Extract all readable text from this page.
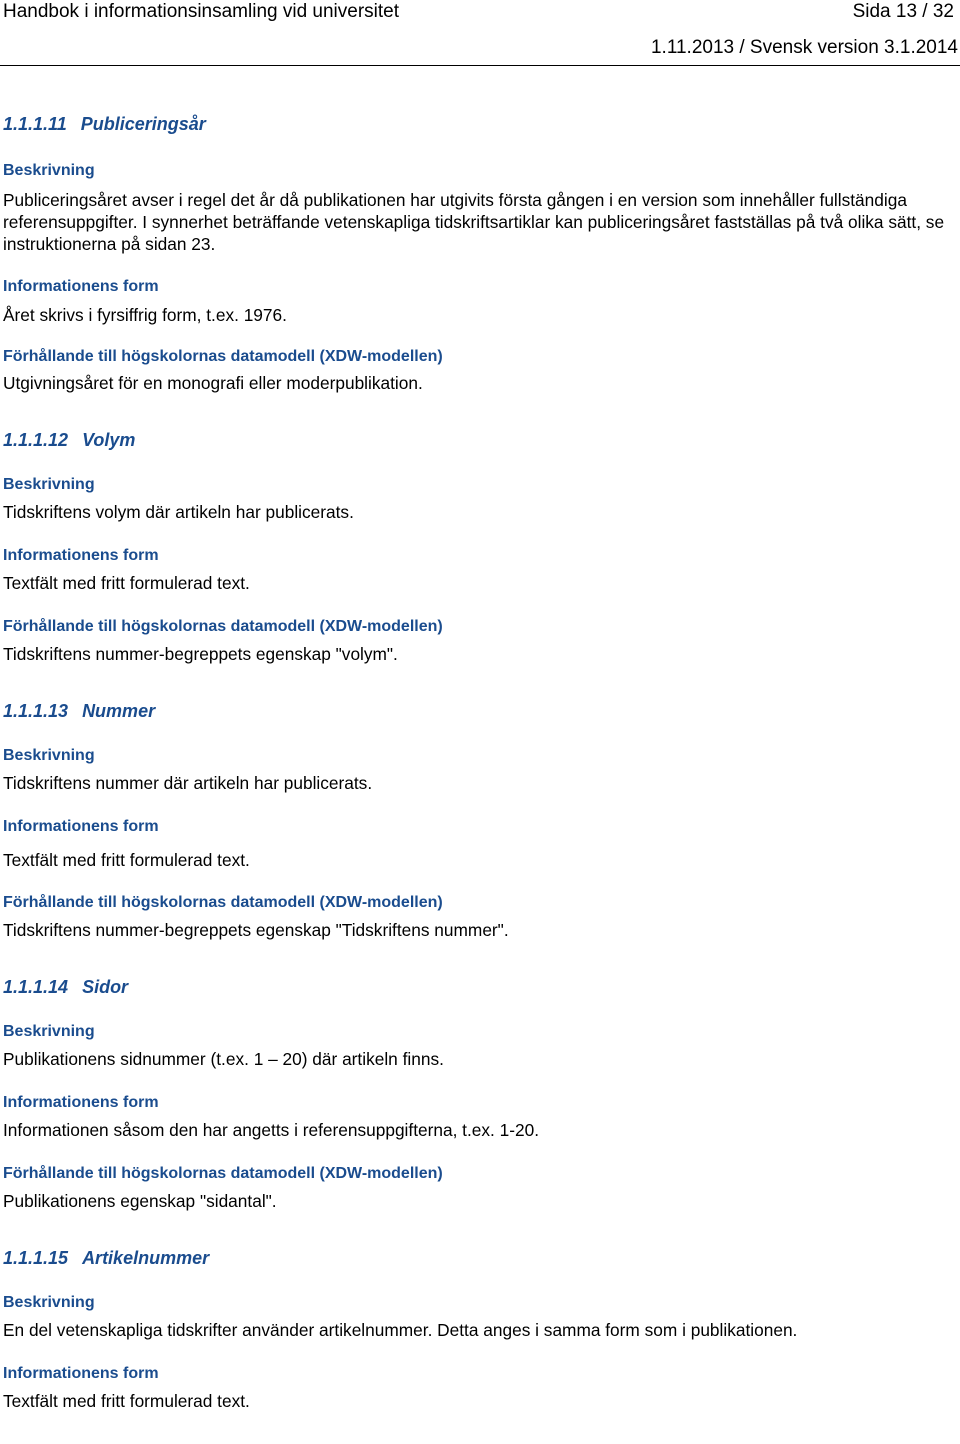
Handbok i informationsinsamling vid universitet	Sida 13 / 32
1.11.2013 / Svensk version 3.1.2014
1.1.1.11 Publiceringsår
Beskrivning

Publiceringsåret avser i regel det år då publikationen har utgivits första gången i en version som innehåller fullständiga referensuppgifter. I synnerhet beträffande vetenskapliga tidskriftsartiklar kan publiceringsåret fastställas på två olika sätt, se instruktionerna på sidan 23.

Informationens form

Året skrivs i fyrsiffrig form, t.ex. 1976.

Förhållande till högskolornas datamodell (XDW-modellen)

Utgivningsåret för en monografi eller moderpublikation.

1.1.1.12 Volym
Beskrivning

Tidskriftens volym där artikeln har publicerats.

Informationens form

Textfält med fritt formulerad text.

Förhållande till högskolornas datamodell (XDW-modellen)

Tidskriftens nummer-begreppets egenskap "volym".

1.1.1.13 Nummer
Beskrivning

Tidskriftens nummer där artikeln har publicerats.

Informationens form

Textfält med fritt formulerad text.

Förhållande till högskolornas datamodell (XDW-modellen)

Tidskriftens nummer-begreppets egenskap "Tidskriftens nummer".

1.1.1.14 Sidor
Beskrivning

Publikationens sidnummer (t.ex. 1 – 20) där artikeln finns.

Informationens form

Informationen såsom den har angetts i referensuppgifterna, t.ex. 1-20.

Förhållande till högskolornas datamodell (XDW-modellen)

Publikationens egenskap "sidantal".

1.1.1.15 Artikelnummer
Beskrivning

En del vetenskapliga tidskrifter använder artikelnummer. Detta anges i samma form som i publikationen.

Informationens form

Textfält med fritt formulerad text.
